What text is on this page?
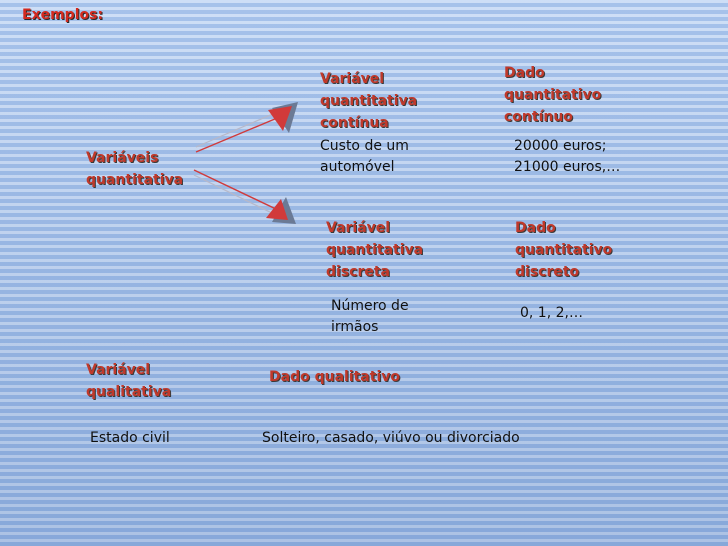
Exemplos:
Variáveis
quantitativa
Variável
qualitativa
Estado civil
Variável
quantitativa
contínua
Custo de um
automóvel
Dado
quantitativo
contínuo
20000 euros;
21000 euros,…
Variável
quantitativa
discreta
Número de
irmãos
Dado
quantitativo
discreto
0, 1, 2,…
Dado qualitativo
Solteiro, casado, viúvo ou divorciado
